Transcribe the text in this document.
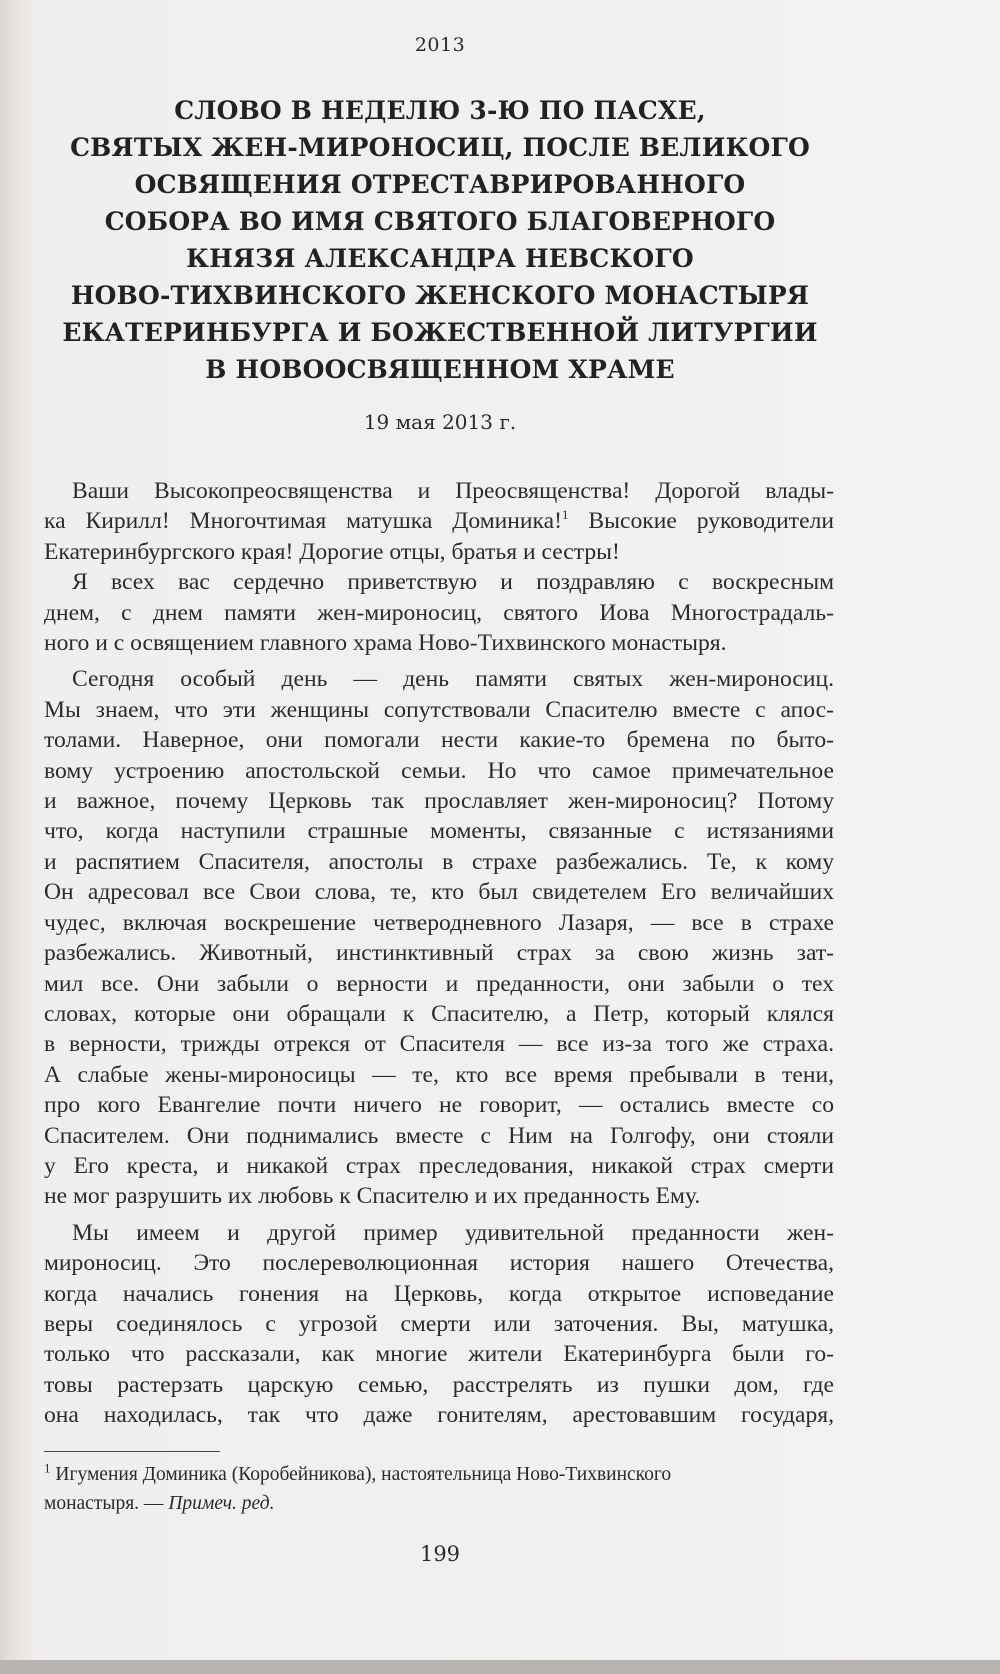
2013
СЛОВО В НЕДЕЛЮ 3-Ю ПО ПАСХЕ,
СВЯТЫХ ЖЕН-МИРОНОСИЦ, ПОСЛЕ ВЕЛИКОГО
ОСВЯЩЕНИЯ ОТРЕСТАВРИРОВАННОГО
СОБОРА ВО ИМЯ СВЯТОГО БЛАГОВЕРНОГО
КНЯЗЯ АЛЕКСАНДРА НЕВСКОГО
НОВО-ТИХВИНСКОГО ЖЕНСКОГО МОНАСТЫРЯ
ЕКАТЕРИНБУРГА И БОЖЕСТВЕННОЙ ЛИТУРГИИ
В НОВООСВЯЩЕННОМ ХРАМЕ
19 мая 2013 г.
Ваши Высокопреосвященства и Преосвященства! Дорогой влады-
ка Кирилл! Многочтимая матушка Доминика!$^1$ Высокие руководители
Екатеринбургского края! Дорогие отцы, братья и сестры!
Я всех вас сердечно приветствую и поздравляю с воскресным
днем, с днем памяти жен-мироносиц, святого Иова Многострадаль-
ного и с освящением главного храма Ново-Тихвинского монастыря.
Сегодня особый день — день памяти святых жен-мироносиц.
Мы знаем, что эти женщины сопутствовали Спасителю вместе с апос-
толами. Наверное, они помогали нести какие-то бремена по быто-
вому устроению апостольской семьи. Но что самое примечательное
и важное, почему Церковь так прославляет жен-мироносиц? Потому
что, когда наступили страшные моменты, связанные с истязаниями
и распятием Спасителя, апостолы в страхе разбежались. Те, к кому
Он адресовал все Свои слова, те, кто был свидетелем Его величайших
чудес, включая воскрешение четверодневного Лазаря, — все в страхе
разбежались. Животный, инстинктивный страх за свою жизнь зат-
мил все. Они забыли о верности и преданности, они забыли о тех
словах, которые они обращали к Спасителю, а Петр, который клялся
в верности, трижды отрекся от Спасителя — все из-за того же страха.
А слабые жены-мироносицы — те, кто все время пребывали в тени,
про кого Евангелие почти ничего не говорит, — остались вместе со
Спасителем. Они поднимались вместе с Ним на Голгофу, они стояли
у Его креста, и никакой страх преследования, никакой страх смерти
не мог разрушить их любовь к Спасителю и их преданность Ему.
Мы имеем и другой пример удивительной преданности жен-
мироносиц. Это послереволюционная история нашего Отечества,
когда начались гонения на Церковь, когда открытое исповедание
веры соединялось с угрозой смерти или заточения. Вы, матушка,
только что рассказали, как многие жители Екатеринбурга были го-
товы растерзать царскую семью, расстрелять из пушки дом, где
она находилась, так что даже гонителям, арестовавшим государя,
$^1$ Игумения Доминика (Коробейникова), настоятельница Ново-Тихвинского
монастыря. — Примеч. ред.
199
